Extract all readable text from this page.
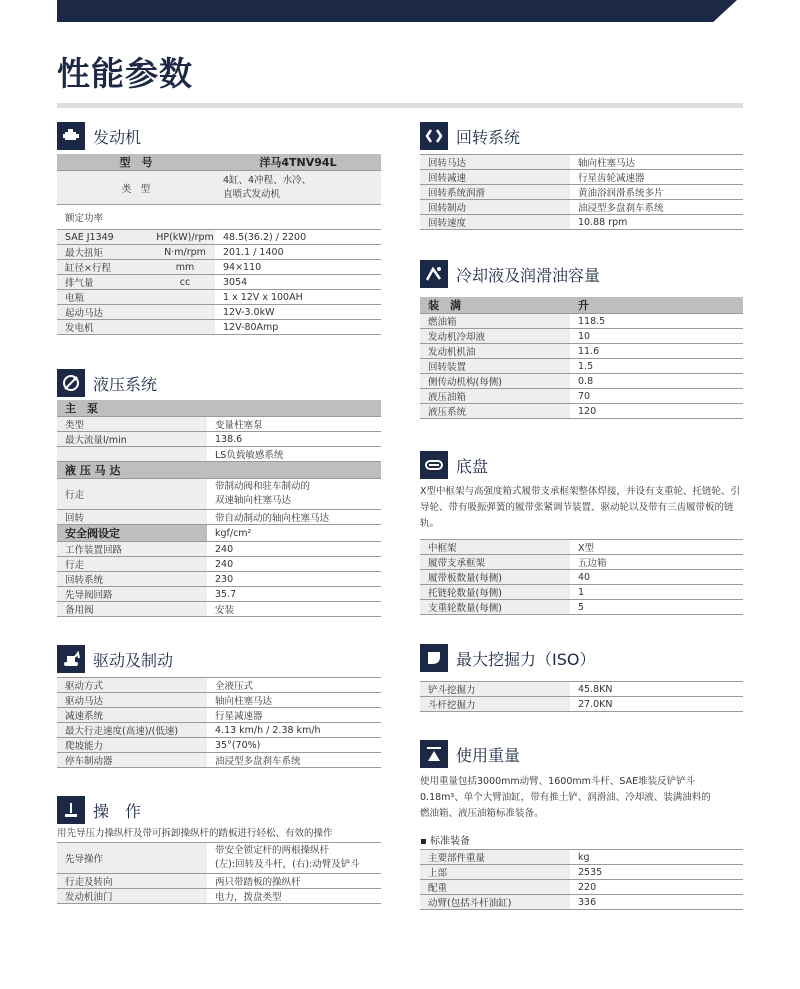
性能参数
发动机
型　号		洋马4TNV94L
类　型		4缸、4冲程、水冷、
直喷式发动机

额定功率		
SAE J1349	HP(kW)/rpm	48.5(36.2) / 2200
最大扭矩	N·m/rpm	201.1 / 1400
缸径×行程	mm	94×110
排气量	cc	3054
电瓶		1 x 12V x 100AH
起动马达		12V-3.0kW
发电机		12V-80Amp
液压系统
主　泵	
类型	变量柱塞泵
最大流量l/min	138.6
	LS负载敏感系统
液 压 马 达	
行走	带制动阀和驻车制动的
双速轴向柱塞马达

回转	带自动制动的轴向柱塞马达
安全阀设定	kgf/cm²
工作装置回路	240
行走	240
回转系统	230
先导阀回路	35.7
备用阀	安装
驱动及制动
驱动方式	全液压式
驱动马达	轴向柱塞马达
减速系统	行星减速器
最大行走速度(高速)/(低速)	4.13 km/h / 2.38 km/h
爬坡能力	35°(70%)
停车制动器	油浸型多盘刹车系统
操　作

用先导压力操纵杆及带可拆卸操纵杆的踏板进行轻松、有效的操作

先导操作	带安全锁定杆的两根操纵杆
(左):回转及斗杆，(右):动臂及铲斗

行走及转向	两只带踏板的操纵杆
发动机油门	电力，拨盘类型
回转系统
回转马达	轴向柱塞马达
回转减速	行星齿轮减速器
回转系统润滑	黄油浴润滑系统多片
回转制动	油浸型多盘刹车系统
回转速度	10.88 rpm
冷却液及润滑油容量
装　满	升
燃油箱	118.5
发动机冷却液	10
发动机机油	11.6
回转装置	1.5
侧传动机构(每侧)	0.8
液压油箱	70
液压系统	120
底盘

X型中框架与高强度箱式履带支承框架整体焊接，并设有支重轮、托链轮、引导轮、带有吸振弹簧的履带张紧调节装置、驱动轮以及带有三齿履带板的链轨。

中框架	X型
履带支承框架	五边箱
履带板数量(每侧)	40
托链轮数量(每侧)	1
支重轮数量(每侧)	5
最大挖掘力（ISO）
铲斗挖掘力	45.8KN
斗杆挖掘力	27.0KN
使用重量
使用重量包括3000mm动臂、1600mm斗杆、SAE堆装反铲铲斗
0.18m³、单个大臂油缸，带有推土铲、润滑油、冷却液、装满油料的
燃油箱、液压油箱标准装备。
▪ 标准装备
主要部件重量	kg
上部	2535
配重	220
动臂(包括斗杆油缸)	336
